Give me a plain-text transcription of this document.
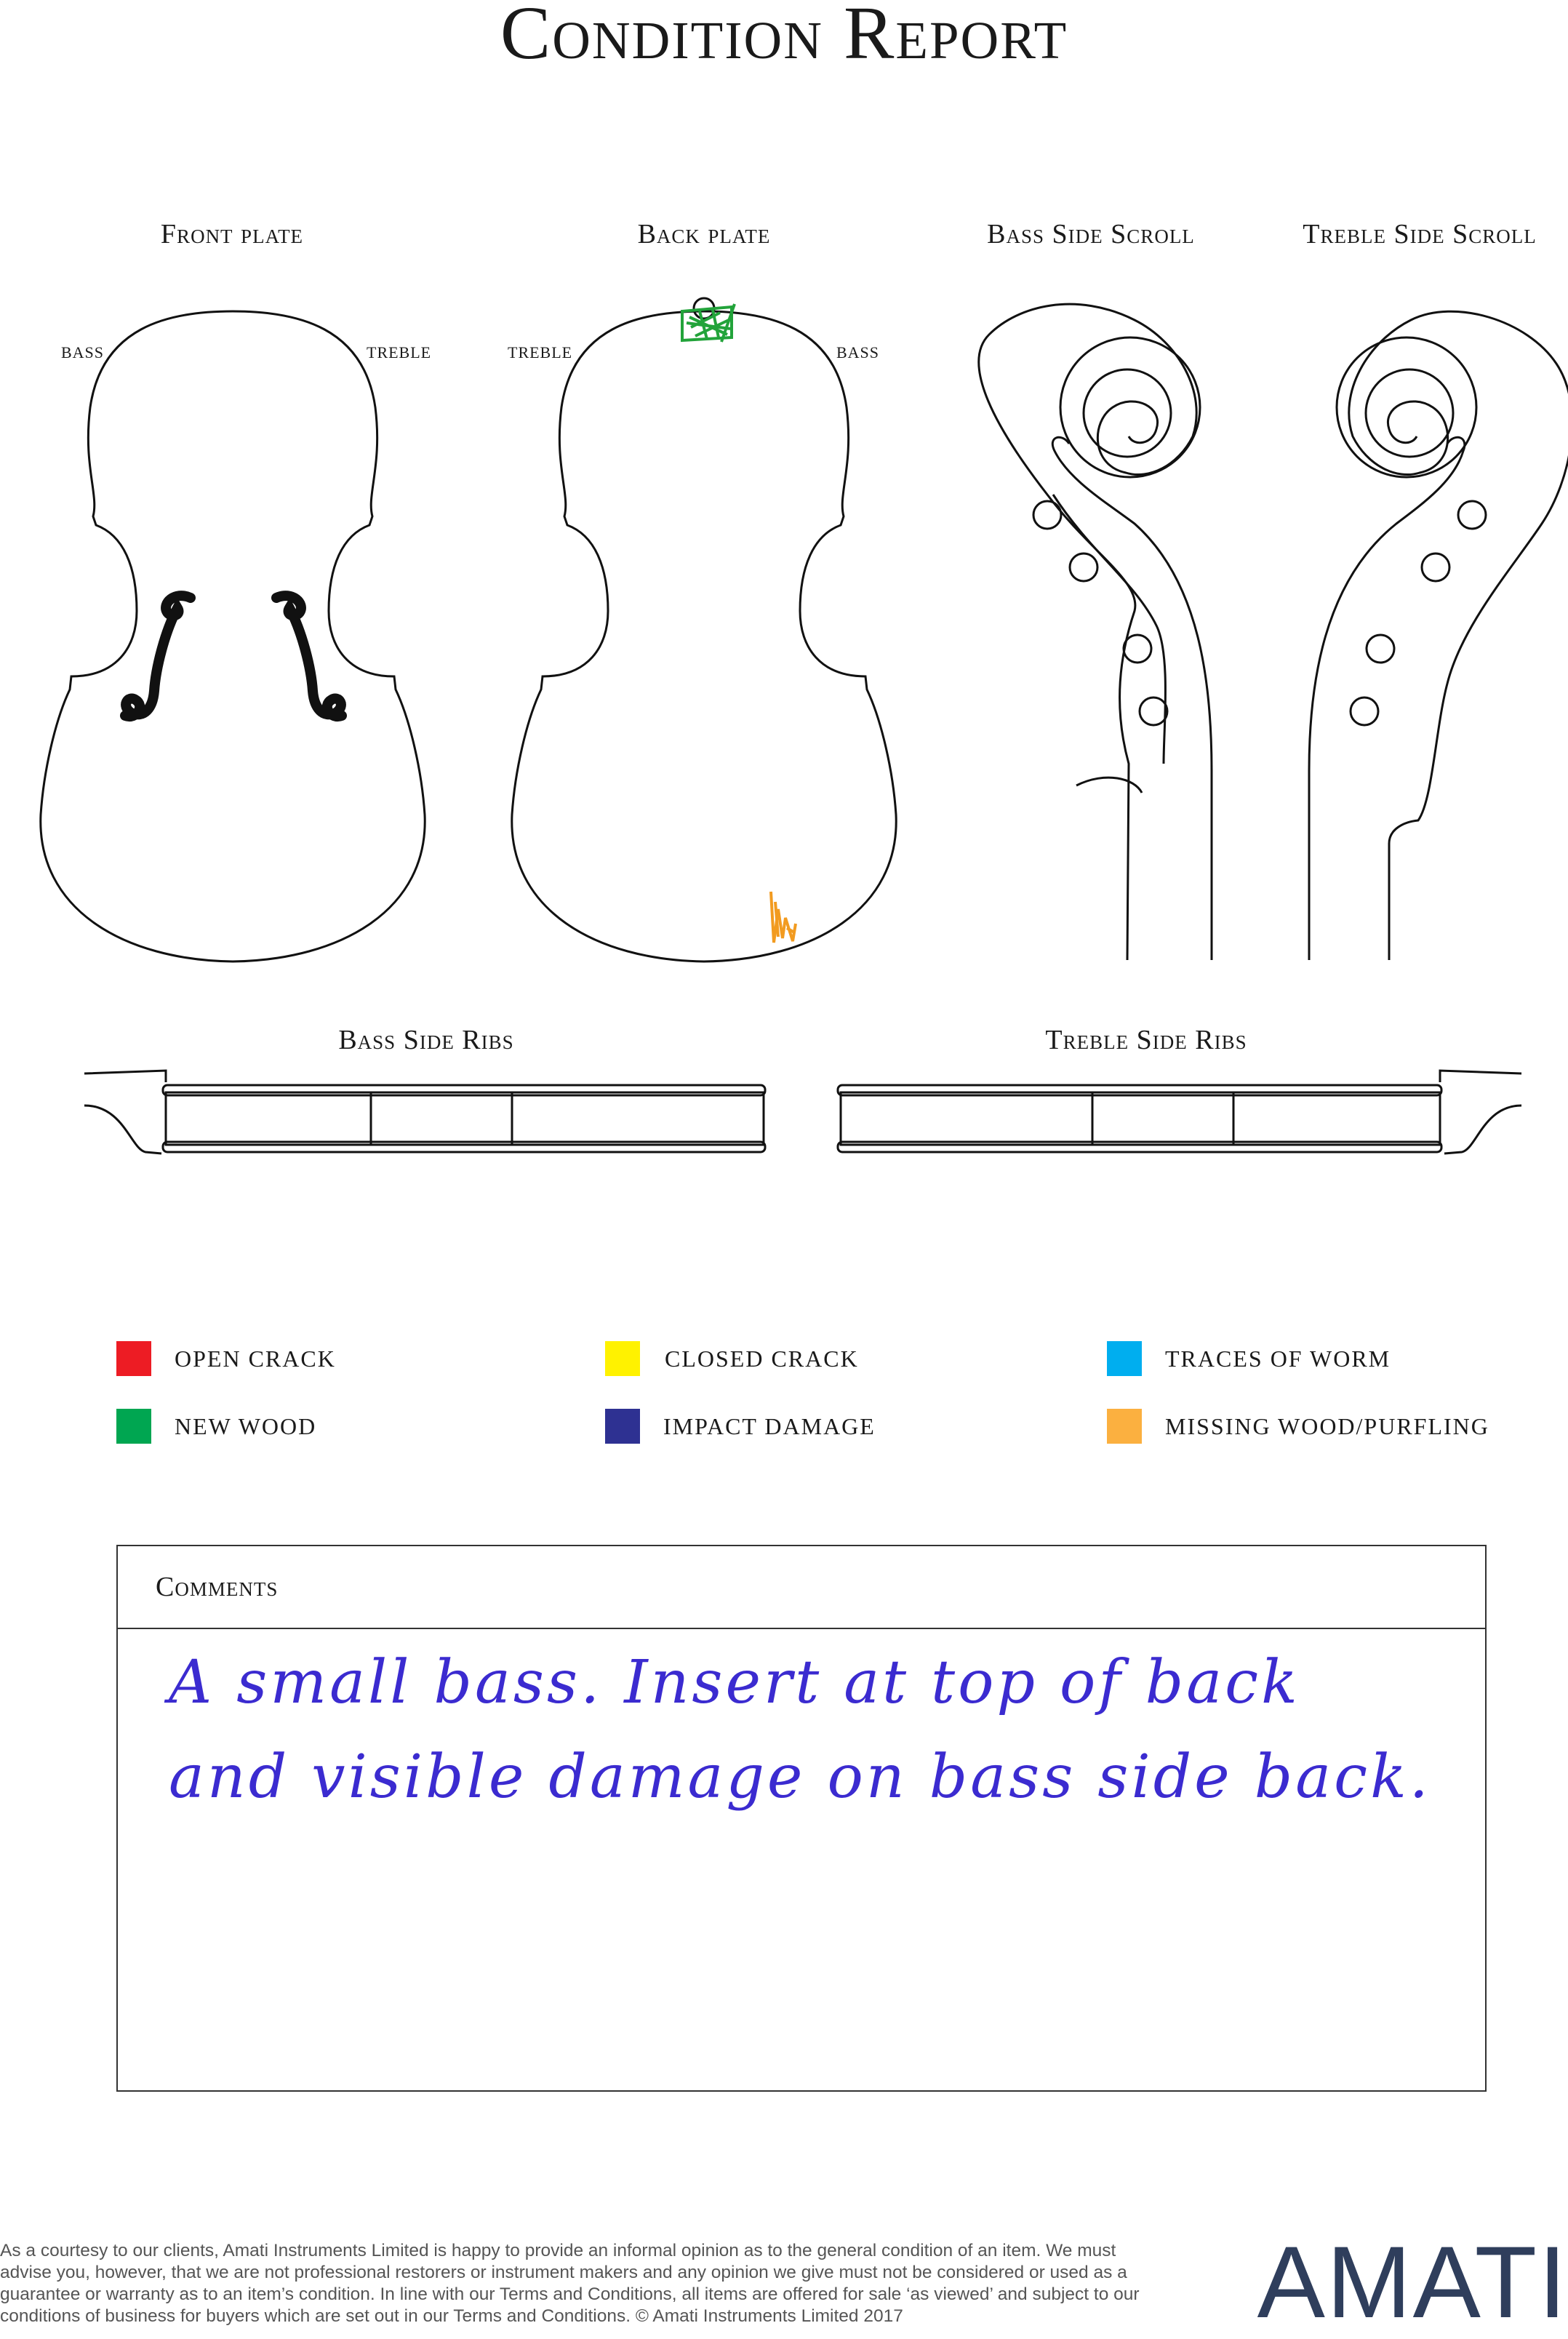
Condition Report
Front plate	Back plate	Bass Side Scroll	Treble Side Scroll
Bass Side Ribs	Treble Side Ribs
BASS	TREBLE	TREBLE	BASS
OPEN CRACK	CLOSED CRACK	TRACES OF WORM
NEW WOOD	IMPACT DAMAGE	MISSING WOOD/PURFLING
Comments
A small bass. Insert at top of back
and visible damage on bass side back.
As a courtesy to our clients, Amati Instruments Limited is happy to provide an informal opinion as to the general condition of an item. We must advise you, however, that we are not professional restorers or instrument makers and any opinion we give must not be considered or used as a guarantee or warranty as to an item’s condition. In line with our Terms and Conditions, all items are offered for sale ‘as viewed’ and subject to our conditions of business for buyers which are set out in our Terms and Conditions. © Amati Instruments Limited 2017	AMATI
